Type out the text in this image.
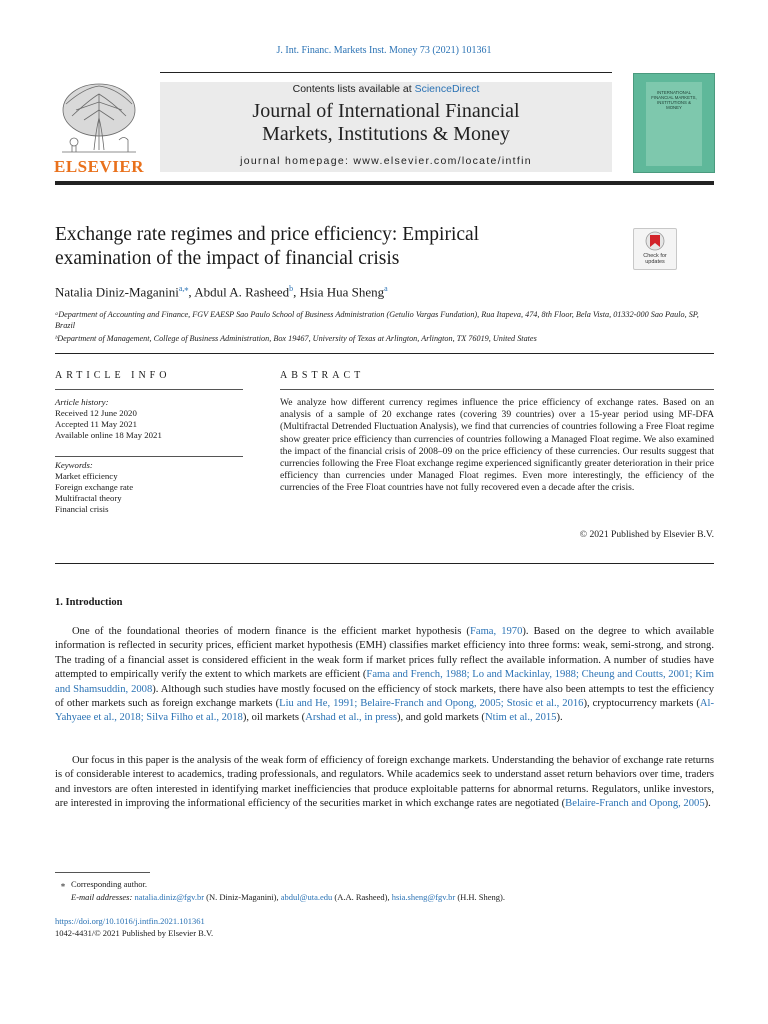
J. Int. Financ. Markets Inst. Money 73 (2021) 101361
ELSEVIER
Contents lists available at ScienceDirect
Journal of International Financial
Markets, Institutions & Money
journal homepage: www.elsevier.com/locate/intfin
INTERNATIONAL FINANCIAL MARKETS, INSTITUTIONS & MONEY
Exchange rate regimes and price efficiency: Empirical
examination of the impact of financial crisis	Check for updates
Natalia Diniz-Maganini$^{a,⁎}$, Abdul A. Rasheed$^b$, Hsia Hua Sheng$^a$
ᵃDepartment of Accounting and Finance, FGV EAESP Sao Paulo School of Business Administration (Getulio Vargas Fundation), Rua Itapeva, 474, 8th Floor, Bela Vista, 01332-000 Sao Paulo, SP, Brazil
ᵇDepartment of Management, College of Business Administration, Box 19467, University of Texas at Arlington, Arlington, TX 76019, United States
ARTICLE INFO
Article history:
Received 12 June 2020
Accepted 11 May 2021
Available online 18 May 2021
Keywords:
Market efficiency
Foreign exchange rate
Multifractal theory
Financial crisis
ABSTRACT
We analyze how different currency regimes influence the price efficiency of exchange rates. Based on an analysis of a sample of 20 exchange rates (covering 39 countries) over a 15-year period using MF-DFA (Multifractal Detrended Fluctuation Analysis), we find that currencies of countries following a Free Float regime show greater price efficiency than currencies of countries following a Managed Float regime. We also examined the impact of the financial crisis of 2008–09 on the price efficiency of these currencies. Our results suggest that currencies following the Free Float exchange regime experienced significantly greater deterioration in their price efficiency than currencies under Managed Float regimes. Even more interestingly, the efficiency of the currencies of the Free Float countries have not fully recovered even a decade after the crisis.
© 2021 Published by Elsevier B.V.
1. Introduction
One of the foundational theories of modern finance is the efficient market hypothesis (Fama, 1970). Based on the degree to which available information is reflected in security prices, efficient market hypothesis (EMH) classifies market efficiency into three forms: weak, semi-strong, and strong. The trading of a financial asset is considered efficient in the weak form if market prices fully reflect the available information. A number of studies have attempted to empirically verify the extent to which markets are efficient (Fama and French, 1988; Lo and Mackinlay, 1988; Cheung and Coutts, 2001; Kim and Shamsuddin, 2008). Although such studies have mostly focused on the efficiency of stock markets, there have also been attempts to test the efficiency of other markets such as foreign exchange markets (Liu and He, 1991; Belaire-Franch and Opong, 2005; Stosic et al., 2016), cryptocurrency markets (Al-Yahyaee et al., 2018; Silva Filho et al., 2018), oil markets (Arshad et al., in press), and gold markets (Ntim et al., 2015).
Our focus in this paper is the analysis of the weak form of efficiency of foreign exchange markets. Understanding the behavior of exchange rate returns is of considerable interest to academics, trading professionals, and regulators. While academics seek to understand asset return behaviors over time, traders and investors are often interested in identifying market inefficiencies that produce exploitable patterns for abnormal returns. Regulators, unlike investors, are interested in improving the informational efficiency of the securities market in which exchange rates are negotiated (Belaire-Franch and Opong, 2005).
⁎ Corresponding author.
E-mail addresses: natalia.diniz@fgv.br (N. Diniz-Maganini), abdul@uta.edu (A.A. Rasheed), hsia.sheng@fgv.br (H.H. Sheng).
https://doi.org/10.1016/j.intfin.2021.101361
1042-4431/© 2021 Published by Elsevier B.V.
